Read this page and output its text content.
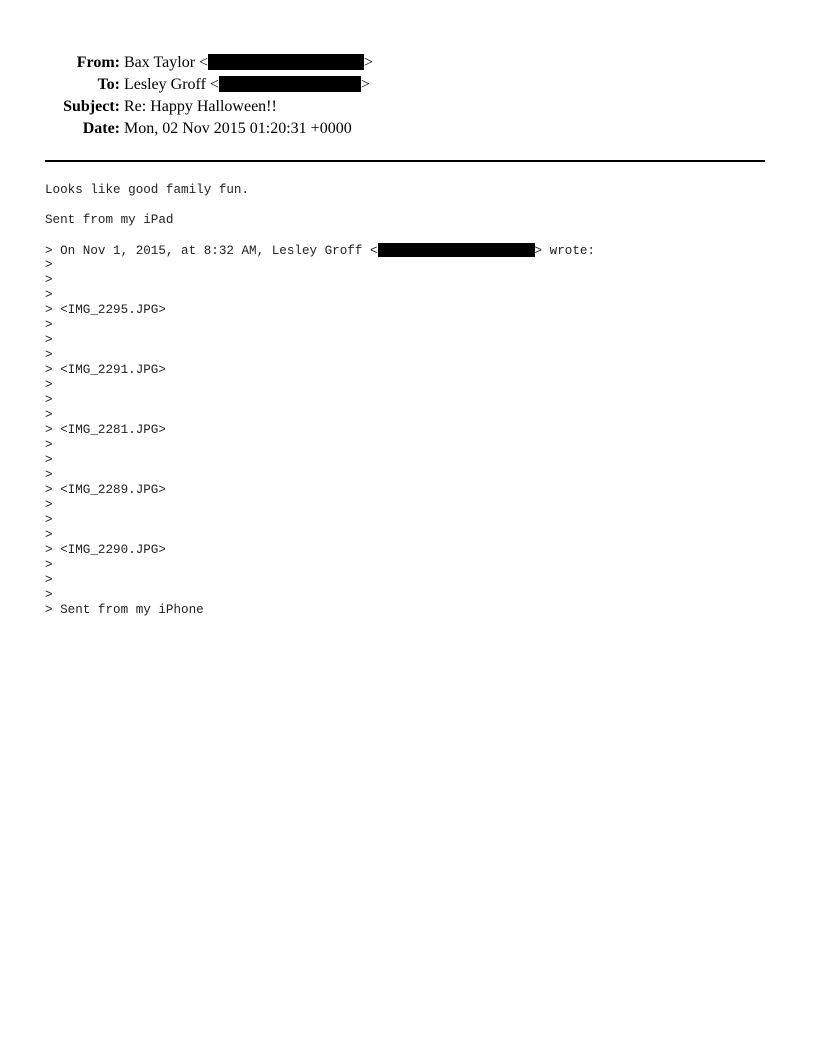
From: Bax Taylor <	>
To: Lesley Groff <	>
Subject: Re: Happy Halloween!!
Date: Mon, 02 Nov 2015 01:20:31 +0000
Looks like good family fun.
Sent from my iPad
> On Nov 1, 2015, at 8:32 AM, Lesley Groff <	> wrote:
>
>
>
> <IMG_2295.JPG>
>
>
>
> <IMG_2291.JPG>
>
>
>
> <IMG_2281.JPG>
>
>
>
> <IMG_2289.JPG>
>
>
>
> <IMG_2290.JPG>
>
>
>
> Sent from my iPhone
